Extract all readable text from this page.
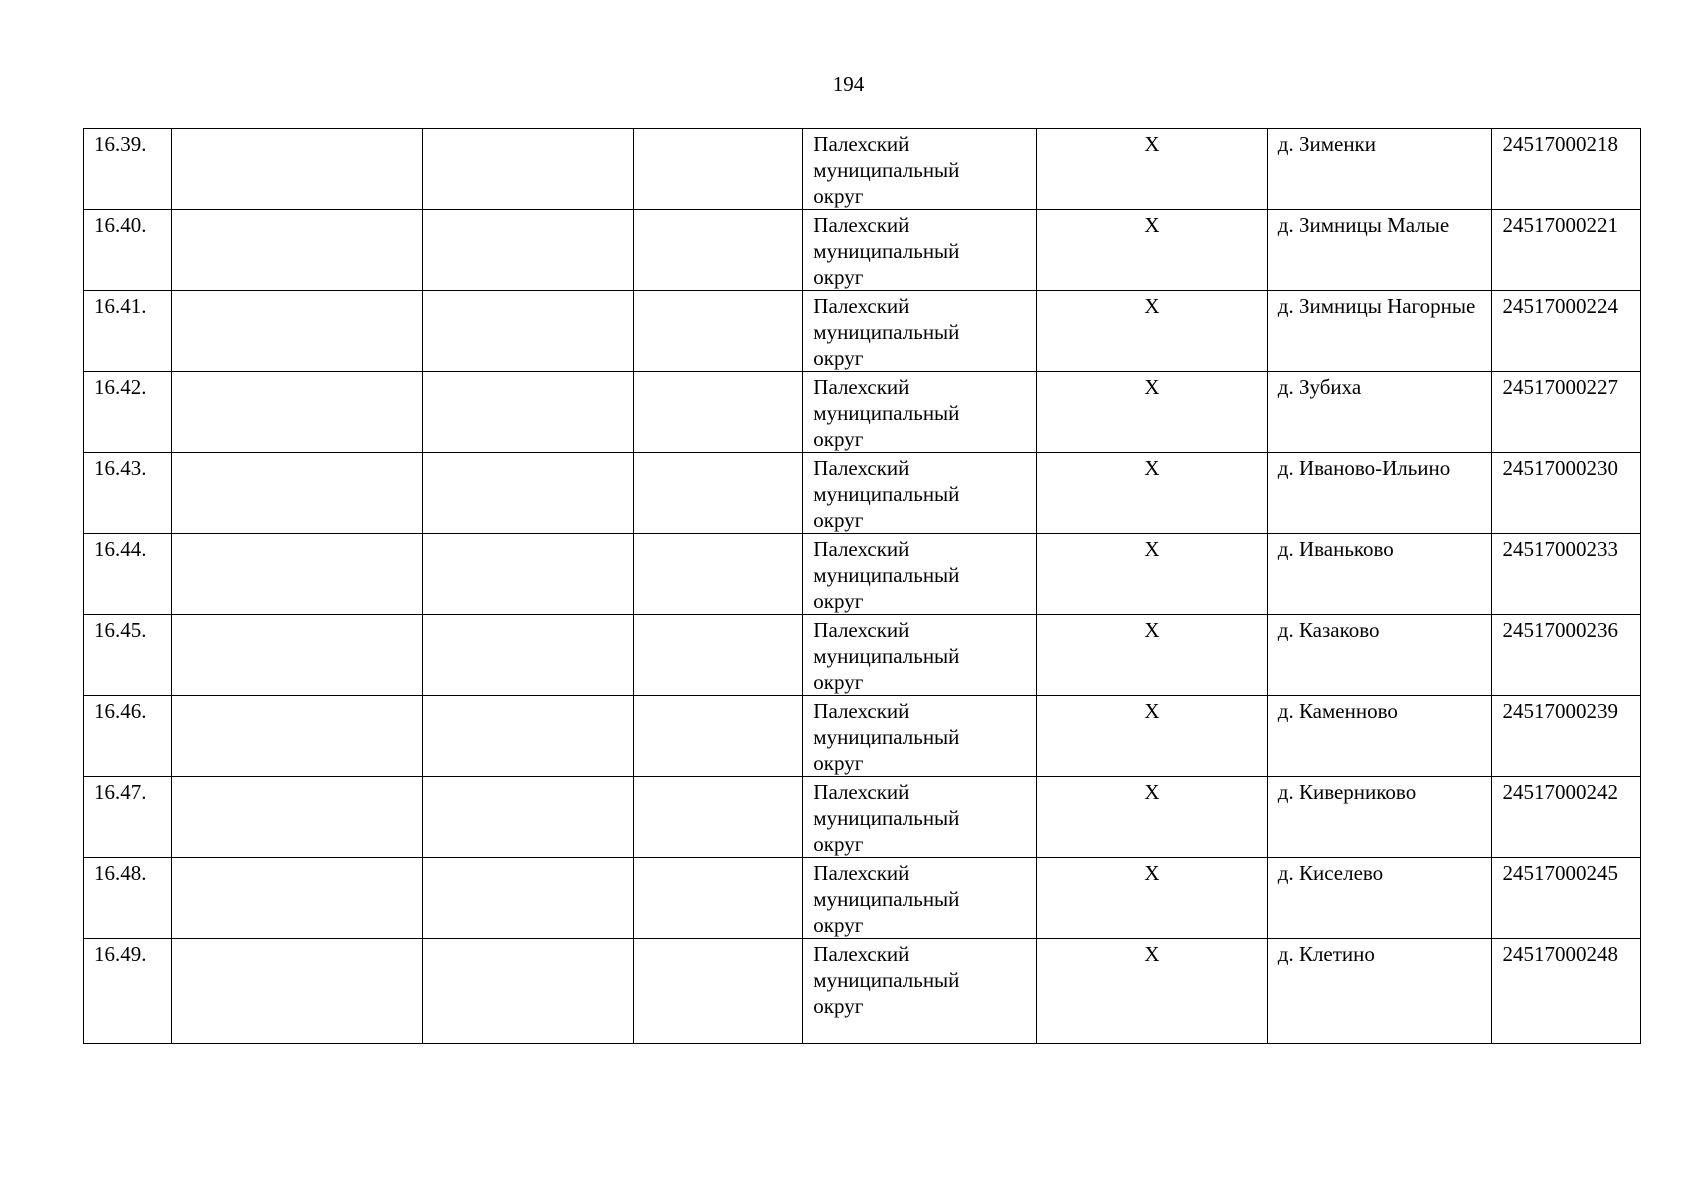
194
16.39.				Палехский
муниципальный
округ	Х	д. Зименки	24517000218
16.40.				Палехский
муниципальный
округ	Х	д. Зимницы Малые	24517000221
16.41.				Палехский
муниципальный
округ	Х	д. Зимницы Нагорные	24517000224
16.42.				Палехский
муниципальный
округ	Х	д. Зубиха	24517000227
16.43.				Палехский
муниципальный
округ	Х	д. Иваново-Ильино	24517000230
16.44.				Палехский
муниципальный
округ	Х	д. Иваньково	24517000233
16.45.				Палехский
муниципальный
округ	Х	д. Казаково	24517000236
16.46.				Палехский
муниципальный
округ	Х	д. Каменново	24517000239
16.47.				Палехский
муниципальный
округ	Х	д. Киверниково	24517000242
16.48.				Палехский
муниципальный
округ	Х	д. Киселево	24517000245
16.49.				Палехский
муниципальный
округ	Х	д. Клетино	24517000248
